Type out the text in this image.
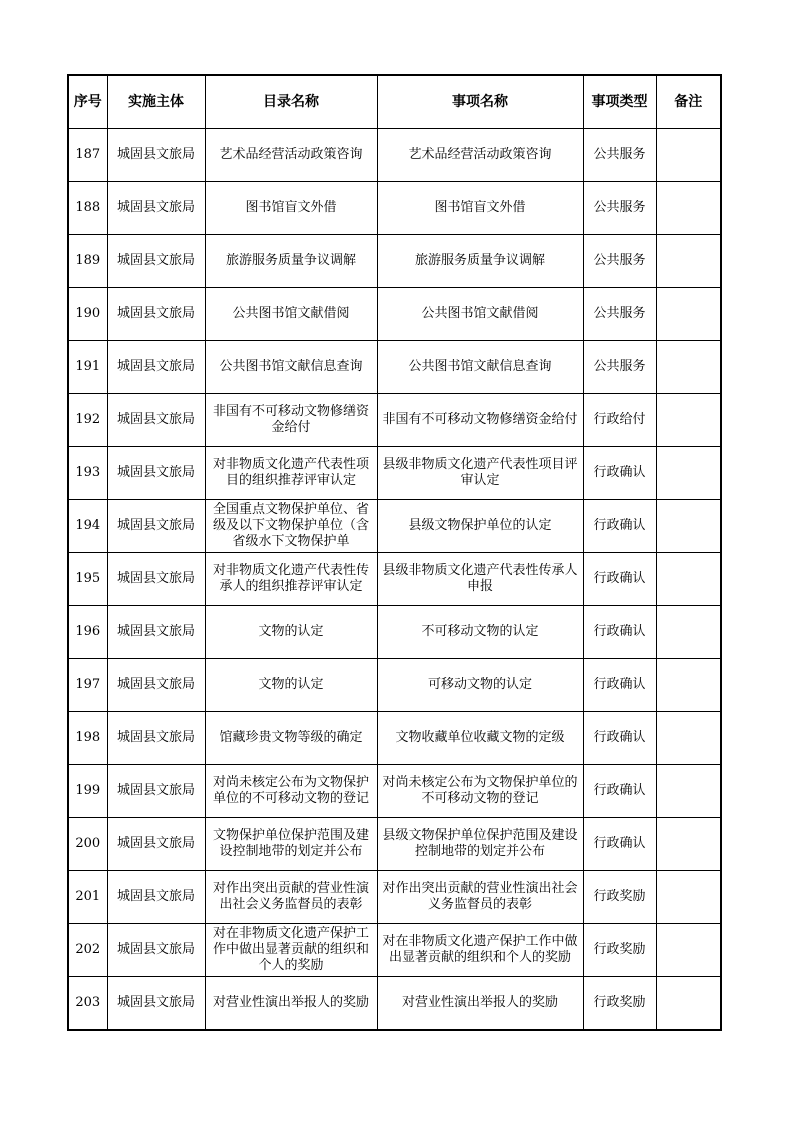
序号	实施主体	目录名称	事项名称	事项类型	备注

187	城固县文旅局	艺术品经营活动政策咨询	艺术品经营活动政策咨询	公共服务	

188	城固县文旅局	图书馆盲文外借	图书馆盲文外借	公共服务	

189	城固县文旅局	旅游服务质量争议调解	旅游服务质量争议调解	公共服务	

190	城固县文旅局	公共图书馆文献借阅	公共图书馆文献借阅	公共服务	

191	城固县文旅局	公共图书馆文献信息查询	公共图书馆文献信息查询	公共服务	

192	城固县文旅局	非国有不可移动文物修缮资金给付	非国有不可移动文物修缮资金给付	行政给付	

193	城固县文旅局	对非物质文化遗产代表性项目的组织推荐评审认定	县级非物质文化遗产代表性项目评审认定	行政确认	

194	城固县文旅局	全国重点文物保护单位、省级及以下文物保护单位（含省级水下文物保护单	县级文物保护单位的认定	行政确认	

195	城固县文旅局	对非物质文化遗产代表性传承人的组织推荐评审认定	县级非物质文化遗产代表性传承人申报	行政确认	

196	城固县文旅局	文物的认定	不可移动文物的认定	行政确认	

197	城固县文旅局	文物的认定	可移动文物的认定	行政确认	

198	城固县文旅局	馆藏珍贵文物等级的确定	文物收藏单位收藏文物的定级	行政确认	

199	城固县文旅局	对尚未核定公布为文物保护单位的不可移动文物的登记	对尚未核定公布为文物保护单位的不可移动文物的登记	行政确认	

200	城固县文旅局	文物保护单位保护范围及建设控制地带的划定并公布	县级文物保护单位保护范围及建设控制地带的划定并公布	行政确认	

201	城固县文旅局	对作出突出贡献的营业性演出社会义务监督员的表彰	对作出突出贡献的营业性演出社会义务监督员的表彰	行政奖励	

202	城固县文旅局	对在非物质文化遗产保护工作中做出显著贡献的组织和个人的奖励	对在非物质文化遗产保护工作中做出显著贡献的组织和个人的奖励	行政奖励	

203	城固县文旅局	对营业性演出举报人的奖励	对营业性演出举报人的奖励	行政奖励	
